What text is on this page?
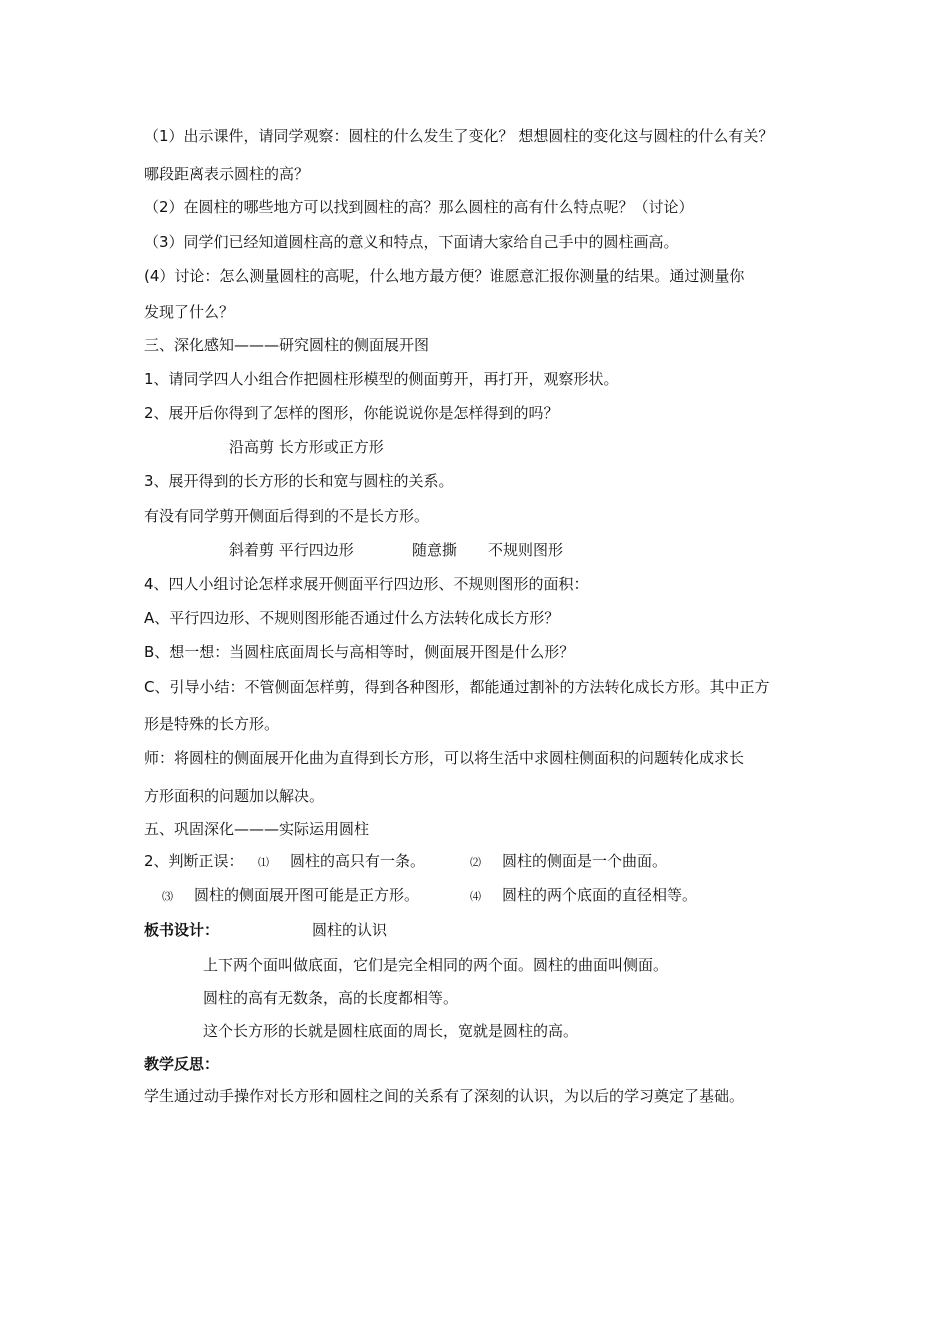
（1）出示课件，请同学观察：圆柱的什么发生了变化？ 想想圆柱的变化这与圆柱的什么有关？
哪段距离表示圆柱的高？
（2）在圆柱的哪些地方可以找到圆柱的高？那么圆柱的高有什么特点呢？（讨论）
（3）同学们已经知道圆柱高的意义和特点，下面请大家给自己手中的圆柱画高。
(4）讨论：怎么测量圆柱的高呢，什么地方最方便？谁愿意汇报你测量的结果。通过测量你
发现了什么？
三、深化感知———研究圆柱的侧面展开图
1、请同学四人小组合作把圆柱形模型的侧面剪开，再打开，观察形状。
2、展开后你得到了怎样的图形，你能说说你是怎样得到的吗？
沿高剪 长方形或正方形
3、展开得到的长方形的长和宽与圆柱的关系。
有没有同学剪开侧面后得到的不是长方形。
斜着剪 平行四边形	随意撕 不规则图形
4、四人小组讨论怎样求展开侧面平行四边形、不规则图形的面积：
A、平行四边形、不规则图形能否通过什么方法转化成长方形？
B、想一想：当圆柱底面周长与高相等时，侧面展开图是什么形？
C、引导小结：不管侧面怎样剪，得到各种图形，都能通过割补的方法转化成长方形。其中正方
形是特殊的长方形。
师：将圆柱的侧面展开化曲为直得到长方形，可以将生活中求圆柱侧面积的问题转化成求长
方形面积的问题加以解决。
五、巩固深化———实际运用圆柱
2、判断正误： ⑴ 圆柱的高只有一条。	⑵ 圆柱的侧面是一个曲面。
⑶ 圆柱的侧面展开图可能是正方形。	⑷ 圆柱的两个底面的直径相等。
板书设计：	圆柱的认识
上下两个面叫做底面，它们是完全相同的两个面。圆柱的曲面叫侧面。
圆柱的高有无数条，高的长度都相等。
这个长方形的长就是圆柱底面的周长，宽就是圆柱的高。
教学反思：
学生通过动手操作对长方形和圆柱之间的关系有了深刻的认识，为以后的学习奠定了基础。
